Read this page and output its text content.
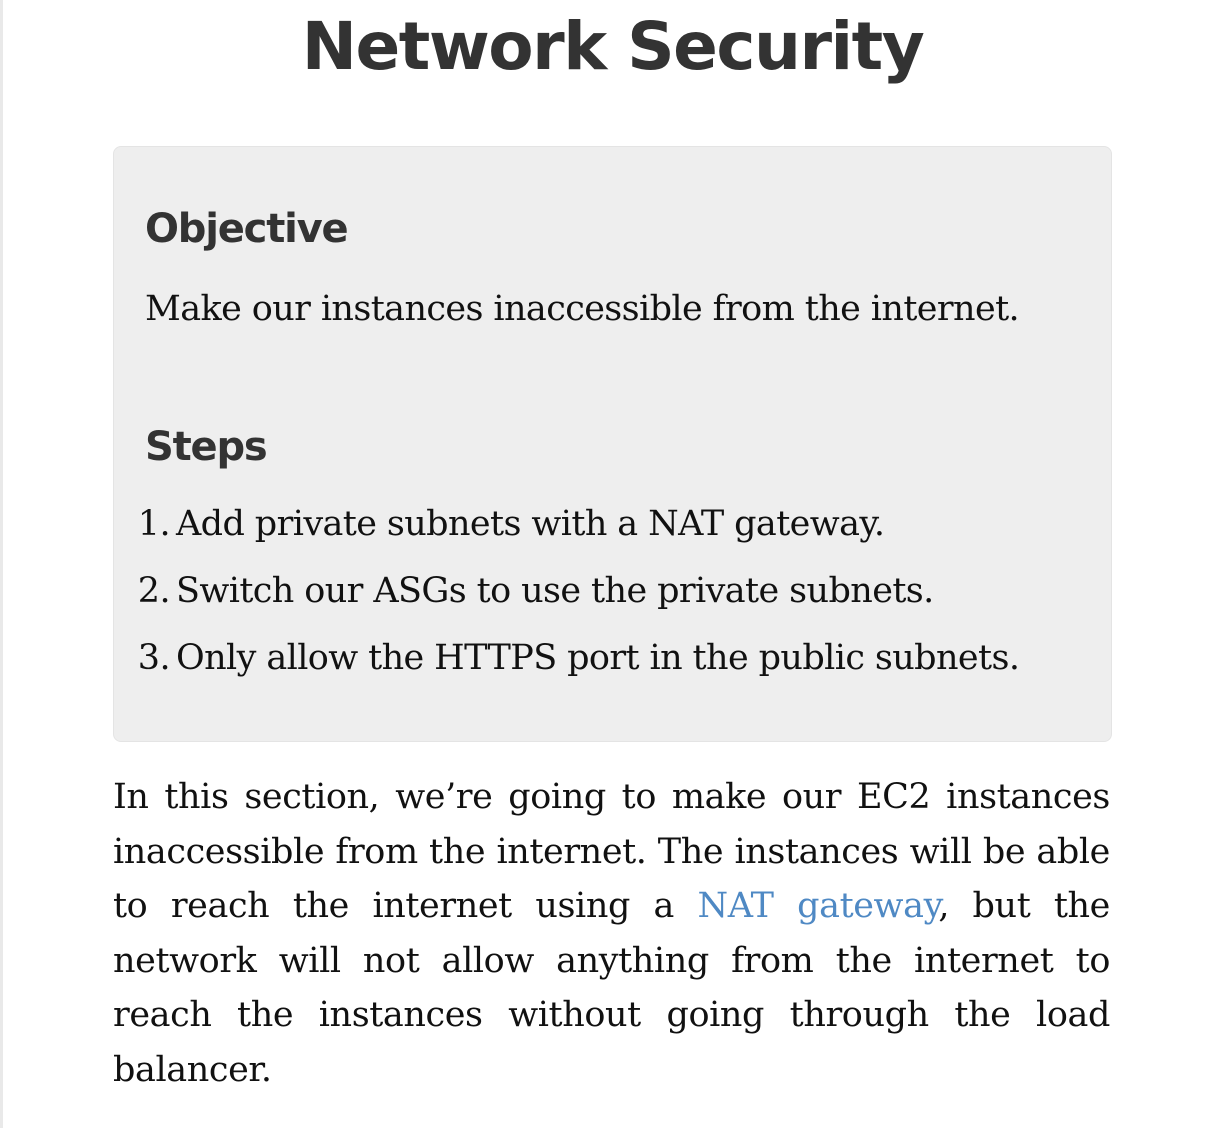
Network Security
Objective

Make our instances inaccessible from the internet.

Steps
1. Add private subnets with a NAT gateway.
2. Switch our ASGs to use the private subnets.
3. Only allow the HTTPS port in the public subnets.

In this section, we’re going to make our EC2 instances inaccessible from the internet. The instances will be able to reach the internet using a NAT gateway, but the network will not allow anything from the internet to reach the instances without going through the load balancer.
